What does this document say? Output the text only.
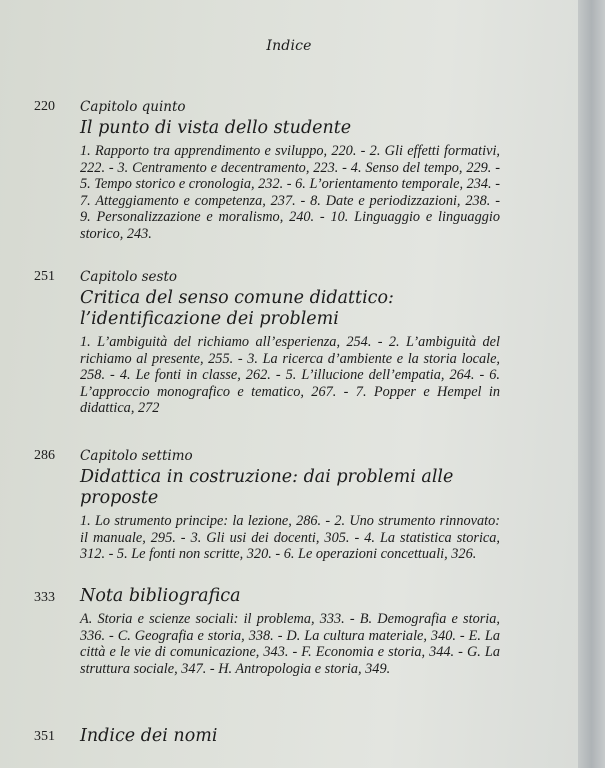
Indice
220 Capitolo quinto
Il punto di vista dello studente
1. Rapporto tra apprendimento e sviluppo, 220. - 2. Gli effetti formativi, 222. - 3. Centramento e decentramento, 223. - 4. Senso del tempo, 229. - 5. Tempo storico e cronologia, 232. - 6. L’orientamento temporale, 234. - 7. Atteggiamento e competenza, 237. - 8. Date e periodizzazioni, 238. - 9. Personalizzazione e moralismo, 240. - 10. Linguaggio e linguaggio storico, 243.
251 Capitolo sesto
Critica del senso comune didattico: l’identificazione dei problemi
1. L’ambiguità del richiamo all’esperienza, 254. - 2. L’ambiguità del richiamo al presente, 255. - 3. La ricerca d’ambiente e la storia locale, 258. - 4. Le fonti in classe, 262. - 5. L’illucione dell’empatia, 264. - 6. L’approccio monografico e tematico, 267. - 7. Popper e Hempel in didattica, 272
286 Capitolo settimo
Didattica in costruzione: dai problemi alle proposte
1. Lo strumento principe: la lezione, 286. - 2. Uno strumento rinnovato: il manuale, 295. - 3. Gli usi dei docenti, 305. - 4. La statistica storica, 312. - 5. Le fonti non scritte, 320. - 6. Le operazioni concettuali, 326.
333 Nota bibliografica
A. Storia e scienze sociali: il problema, 333. - B. Demografia e storia, 336. - C. Geografia e storia, 338. - D. La cultura materiale, 340. - E. La città e le vie di comunicazione, 343. - F. Economia e storia, 344. - G. La struttura sociale, 347. - H. Antropologia e storia, 349.
351 Indice dei nomi
